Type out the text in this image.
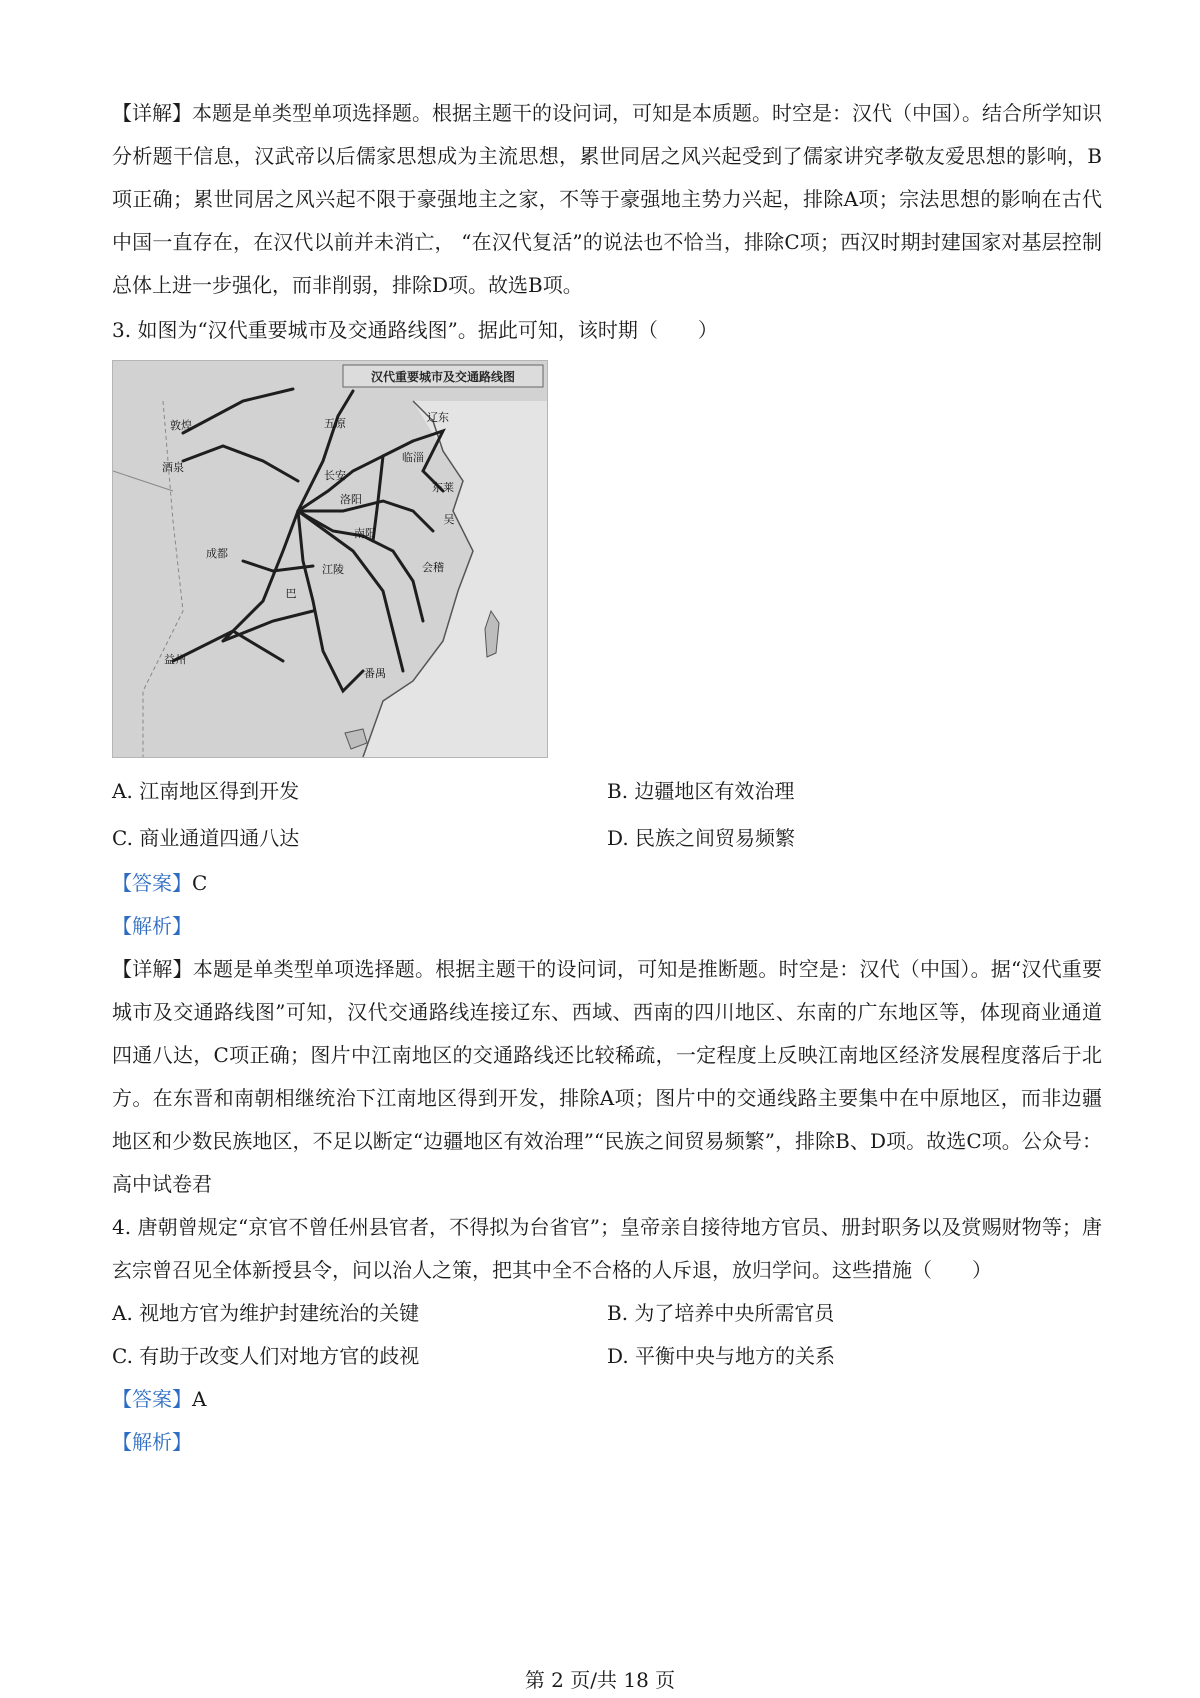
【详解】本题是单类型单项选择题。根据主题干的设问词，可知是本质题。时空是：汉代（中国）。结合所学知识分析题干信息，汉武帝以后儒家思想成为主流思想，累世同居之风兴起受到了儒家讲究孝敬友爱思想的影响，B项正确；累世同居之风兴起不限于豪强地主之家，不等于豪强地主势力兴起，排除A项；宗法思想的影响在古代中国一直存在，在汉代以前并未消亡， “在汉代复活”的说法也不恰当，排除C项；西汉时期封建国家对基层控制总体上进一步强化，而非削弱，排除D项。故选B项。

3. 如图为“汉代重要城市及交通路线图”。据此可知，该时期（　　）

汉代重要城市及交通路线图
敦煌
酒泉
五原	辽东
临淄
东莱
长安
洛阳
南阳
江陵
成都
巴
吴
会稽
番禺
益州
A. 江南地区得到开发	B. 边疆地区有效治理
C. 商业通道四通八达	D. 民族之间贸易频繁

【答案】C

【解析】

【详解】本题是单类型单项选择题。根据主题干的设问词，可知是推断题。时空是：汉代（中国）。据“汉代重要城市及交通路线图”可知，汉代交通路线连接辽东、西域、西南的四川地区、东南的广东地区等，体现商业通道四通八达，C项正确；图片中江南地区的交通路线还比较稀疏，一定程度上反映江南地区经济发展程度落后于北方。在东晋和南朝相继统治下江南地区得到开发，排除A项；图片中的交通线路主要集中在中原地区，而非边疆地区和少数民族地区，不足以断定“边疆地区有效治理”“民族之间贸易频繁”，排除B、D项。故选C项。公众号：高中试卷君

4. 唐朝曾规定“京官不曾任州县官者，不得拟为台省官”；皇帝亲自接待地方官员、册封职务以及赏赐财物等；唐玄宗曾召见全体新授县令，问以治人之策，把其中全不合格的人斥退，放归学问。这些措施（　　）

A. 视地方官为维护封建统治的关键	B. 为了培养中央所需官员
C. 有助于改变人们对地方官的歧视	D. 平衡中央与地方的关系

【答案】A

【解析】

第 2 页/共 18 页
